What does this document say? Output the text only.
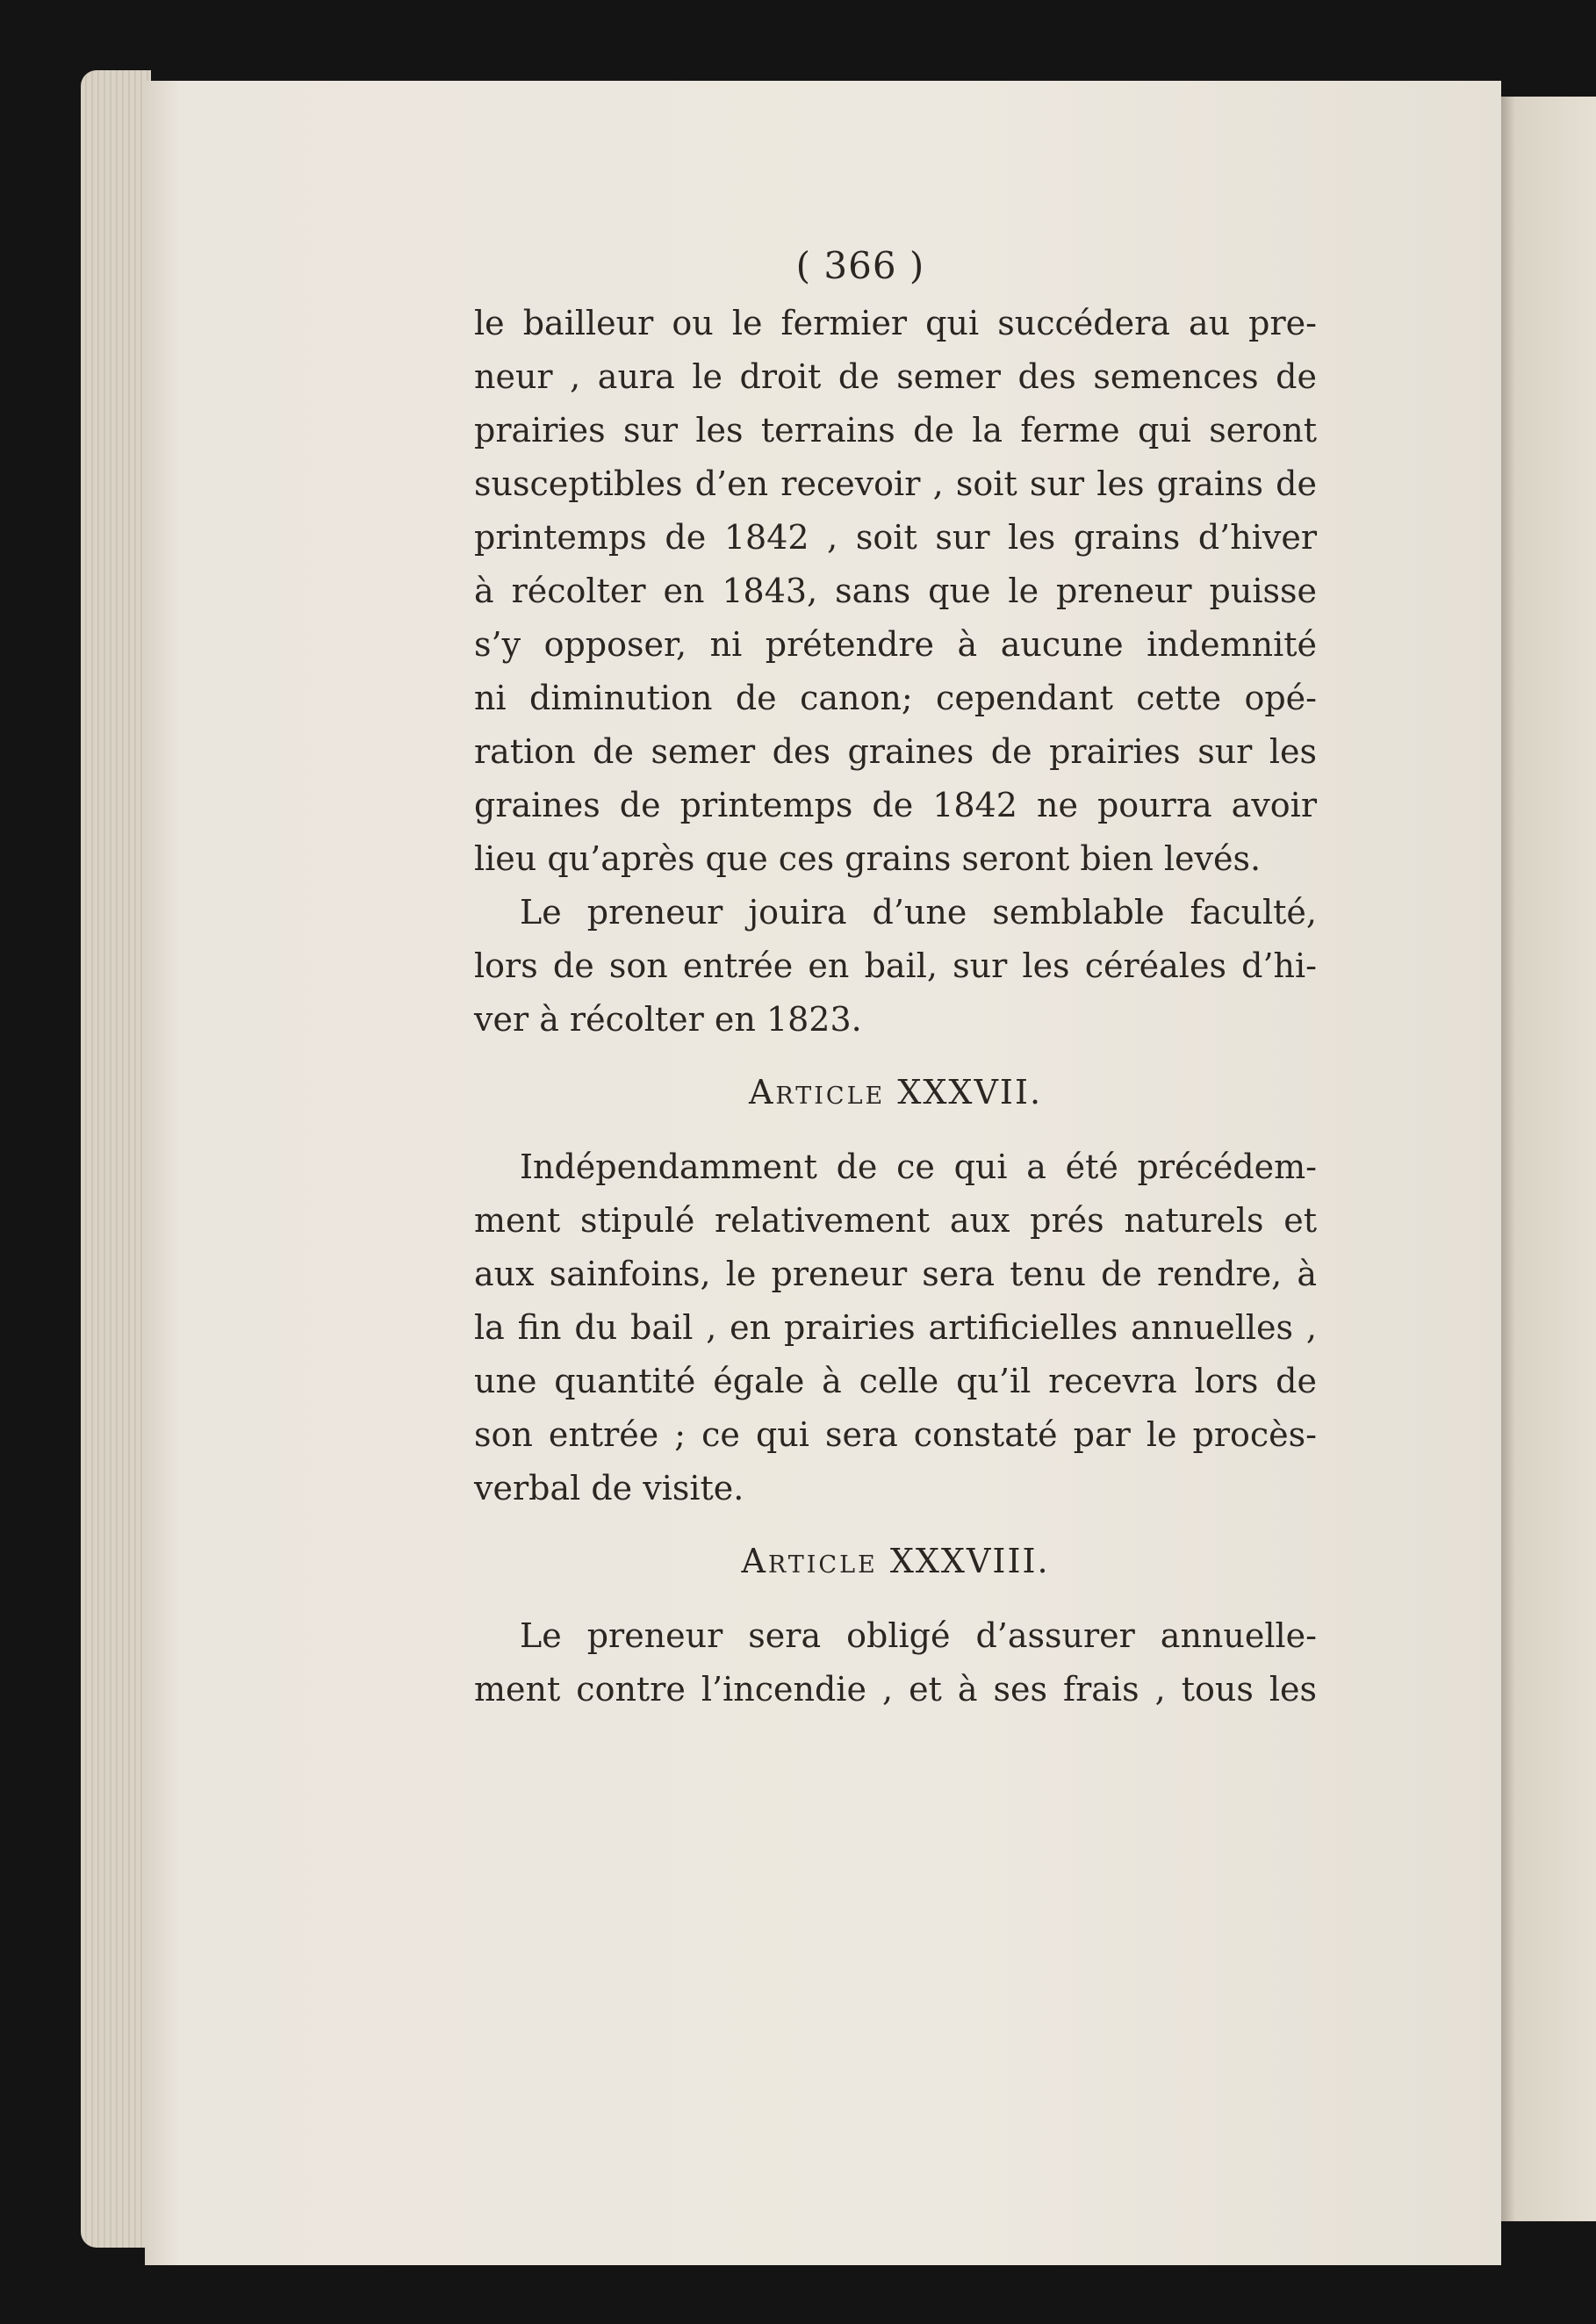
( 366 )
le bailleur ou le fermier qui succédera au pre-
neur , aura le droit de semer des semences de
prairies sur les terrains de la ferme qui seront
susceptibles d’en recevoir , soit sur les grains de
printemps de 1842 , soit sur les grains d’hiver
à récolter en 1843, sans que le preneur puisse
s’y opposer, ni prétendre à aucune indemnité
ni diminution de canon; cependant cette opé-
ration de semer des graines de prairies sur les
graines de printemps de 1842 ne pourra avoir
lieu qu’après que ces grains seront bien levés.
Le preneur jouira d’une semblable faculté,
lors de son entrée en bail, sur les céréales d’hi-
ver à récolter en 1823.
Article XXXVII.
Indépendamment de ce qui a été précédem-
ment stipulé relativement aux prés naturels et
aux sainfoins, le preneur sera tenu de rendre, à
la fin du bail , en prairies artificielles annuelles ,
une quantité égale à celle qu’il recevra lors de
son entrée ; ce qui sera constaté par le procès-
verbal de visite.
Article XXXVIII.
Le preneur sera obligé d’assurer annuelle-
ment contre l’incendie , et à ses frais , tous les
